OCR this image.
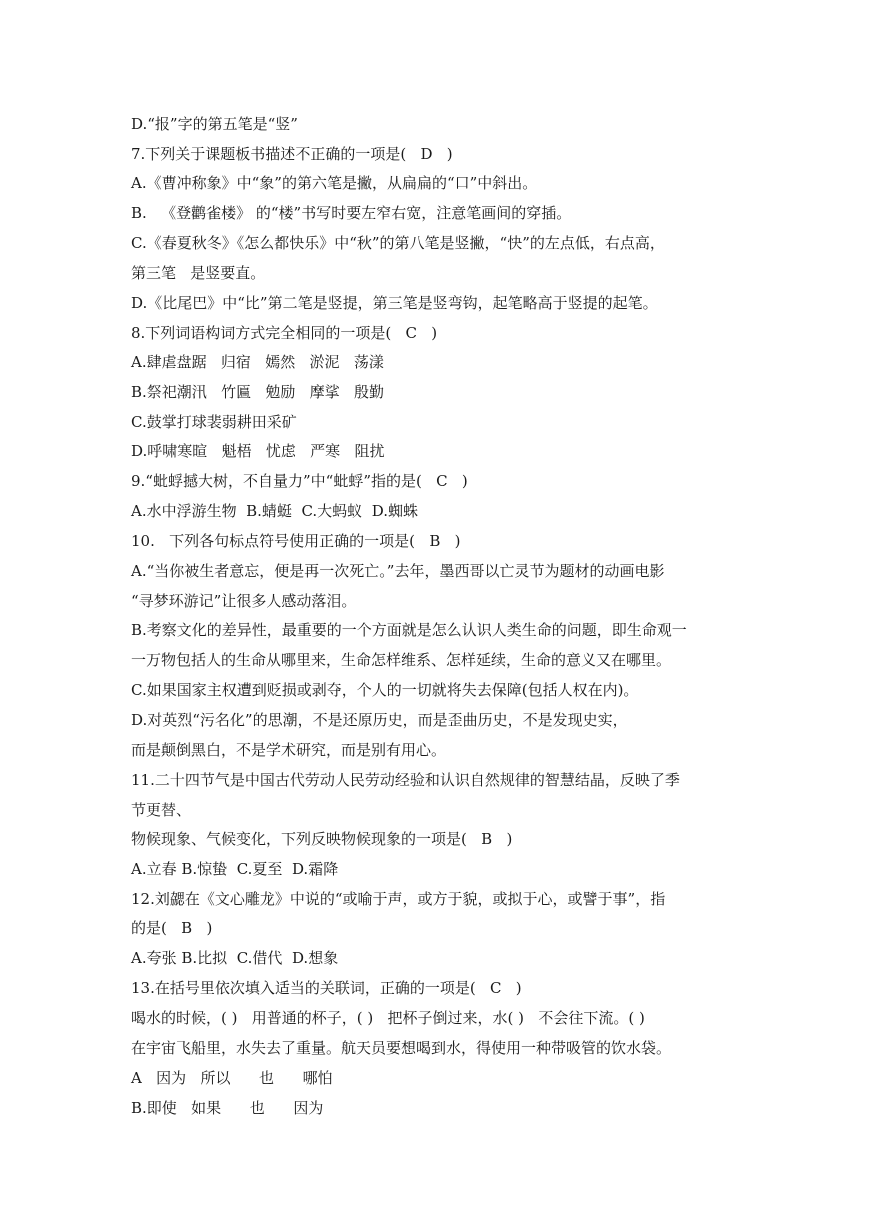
D.“报”字的第五笔是“竖”
7.下列关于课题板书描述不正确的一项是(   D   )
A.《曹冲称象》中“象”的第六笔是撇，从扁扁的“口”中斜出。
B.   《登鹳雀楼》 的“楼”书写时要左窄右宽，注意笔画间的穿插。
C.《春夏秋冬》《怎么都快乐》中“秋”的第八笔是竖撇，“快”的左点低，右点高，
第三笔   是竖要直。
D.《比尾巴》中“比”第二笔是竖提，第三笔是竖弯钩，起笔略高于竖提的起笔。
8.下列词语构词方式完全相同的一项是(   C   )
A.肆虐盘踞   归宿   嫣然   淤泥   荡漾
B.祭祀潮汛   竹匾   勉励   摩挲   殷勤
C.鼓掌打球裴弱耕田采矿
D.呼啸寒暄   魁梧   忧虑   严寒   阻扰
9.“蚍蜉撼大树，不自量力”中“蚍蜉”指的是(   C   )
A.水中浮游生物  B.蜻蜓  C.大蚂蚁  D.蜘蛛
10.   下列各句标点符号使用正确的一项是(   B   )
A.“当你被生者意忘，便是再一次死亡。”去年，墨西哥以亡灵节为题材的动画电影
“寻梦环游记”让很多人感动落泪。
B.考察文化的差异性，最重要的一个方面就是怎么认识人类生命的问题，即生命观一
一万物包括人的生命从哪里来，生命怎样维系、怎样延续，生命的意义又在哪里。
C.如果国家主权遭到贬损或剥夺，个人的一切就将失去保障(包括人权在内)。
D.对英烈“污名化”的思潮，不是还原历史，而是歪曲历史，不是发现史实，
而是颠倒黑白，不是学术研究，而是别有用心。
11.二十四节气是中国古代劳动人民劳动经验和认识自然规律的智慧结晶，反映了季
节更替、
物候现象、气候变化，下列反映物候现象的一项是(   B   )
A.立春 B.惊蛰  C.夏至  D.霜降
12.刘勰在《文心雕龙》中说的“或喻于声，或方于貌，或拟于心，或譬于事”，指
的是(   B   )
A.夸张 B.比拟  C.借代  D.想象
13.在括号里依次填入适当的关联词，正确的一项是(   C   )
喝水的时候，( )   用普通的杯子，( )   把杯子倒过来，水( )   不会往下流。( )
在宇宙飞船里，水失去了重量。航天员要想喝到水，得使用一种带吸管的饮水袋。
A   因为   所以      也      哪怕
B.即使   如果      也      因为
